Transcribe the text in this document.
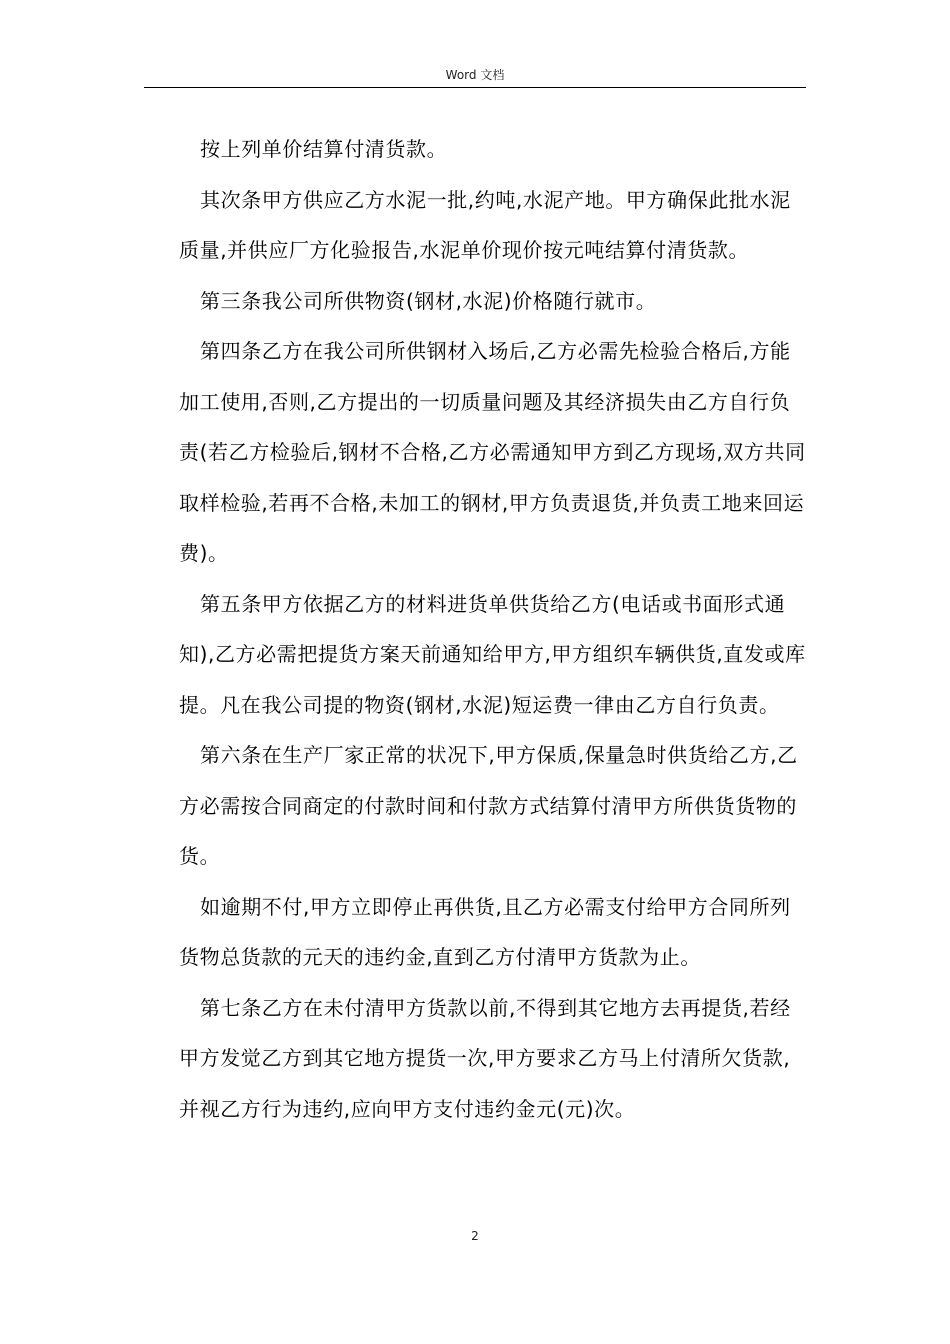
Word 文档

按上列单价结算付清货款。

其次条甲方供应乙方水泥一批,约吨,水泥产地。甲方确保此批水泥质量,并供应厂方化验报告,水泥单价现价按元吨结算付清货款。

第三条我公司所供物资(钢材,水泥)价格随行就市。

第四条乙方在我公司所供钢材入场后,乙方必需先检验合格后,方能加工使用,否则,乙方提出的一切质量问题及其经济损失由乙方自行负责(若乙方检验后,钢材不合格,乙方必需通知甲方到乙方现场,双方共同取样检验,若再不合格,未加工的钢材,甲方负责退货,并负责工地来回运费)。

第五条甲方依据乙方的材料进货单供货给乙方(电话或书面形式通知),乙方必需把提货方案天前通知给甲方,甲方组织车辆供货,直发或库提。凡在我公司提的物资(钢材,水泥)短运费一律由乙方自行负责。

第六条在生产厂家正常的状况下,甲方保质,保量急时供货给乙方,乙方必需按合同商定的付款时间和付款方式结算付清甲方所供货货物的货。

如逾期不付,甲方立即停止再供货,且乙方必需支付给甲方合同所列货物总货款的元天的违约金,直到乙方付清甲方货款为止。

第七条乙方在未付清甲方货款以前,不得到其它地方去再提货,若经甲方发觉乙方到其它地方提货一次,甲方要求乙方马上付清所欠货款,并视乙方行为违约,应向甲方支付违约金元(元)次。

2
